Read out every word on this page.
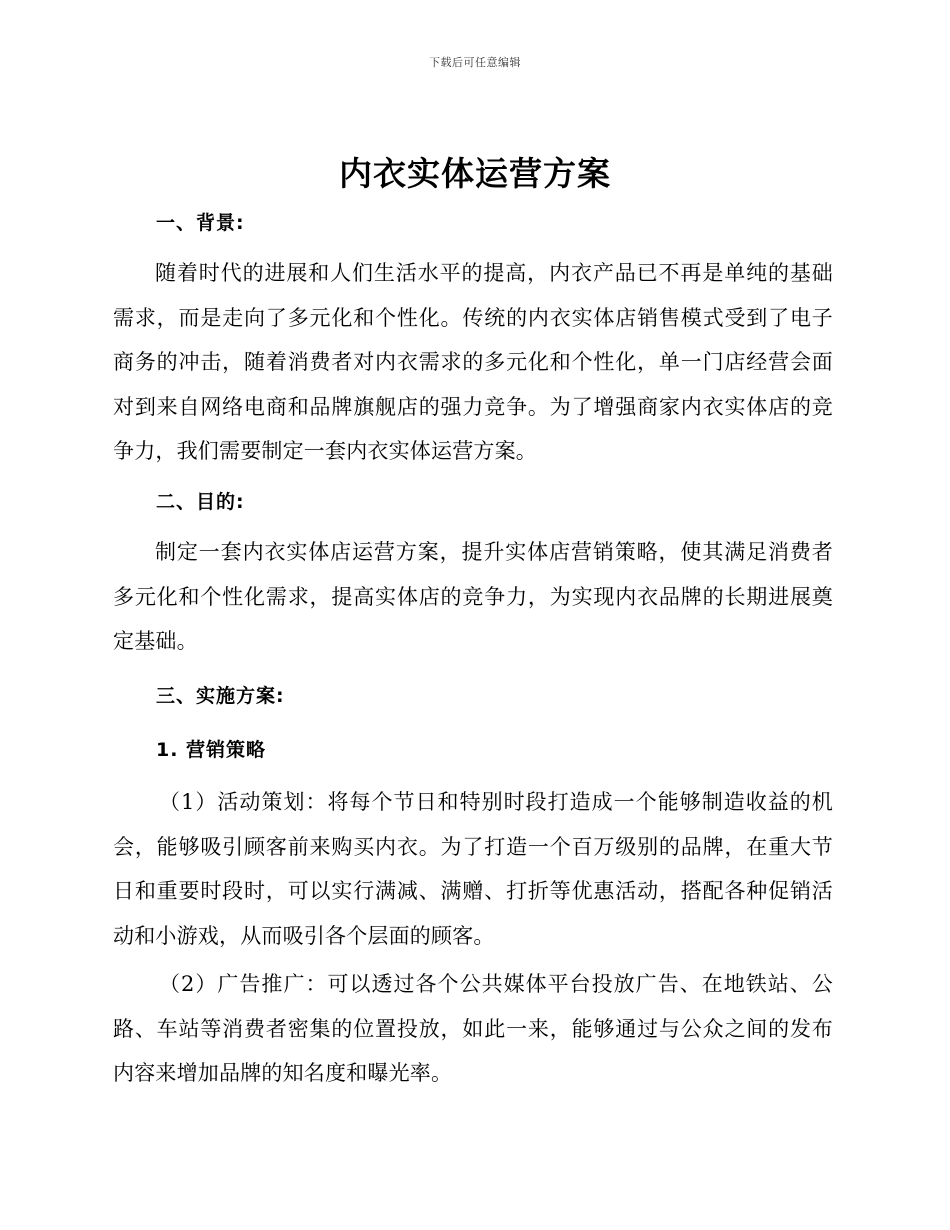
下载后可任意编辑
内衣实体运营方案
一、背景:
随着时代的进展和人们生活水平的提高，内衣产品已不再是单纯的基础需求，而是走向了多元化和个性化。传统的内衣实体店销售模式受到了电子商务的冲击，随着消费者对内衣需求的多元化和个性化，单一门店经营会面对到来自网络电商和品牌旗舰店的强力竞争。为了增强商家内衣实体店的竞争力，我们需要制定一套内衣实体运营方案。
二、目的:
制定一套内衣实体店运营方案，提升实体店营销策略，使其满足消费者多元化和个性化需求，提高实体店的竞争力，为实现内衣品牌的长期进展奠定基础。
三、实施方案:
1. 营销策略
（1）活动策划：将每个节日和特别时段打造成一个能够制造收益的机会，能够吸引顾客前来购买内衣。为了打造一个百万级别的品牌，在重大节日和重要时段时，可以实行满减、满赠、打折等优惠活动，搭配各种促销活动和小游戏，从而吸引各个层面的顾客。
（2）广告推广：可以透过各个公共媒体平台投放广告、在地铁站、公路、车站等消费者密集的位置投放，如此一来，能够通过与公众之间的发布内容来增加品牌的知名度和曝光率。
